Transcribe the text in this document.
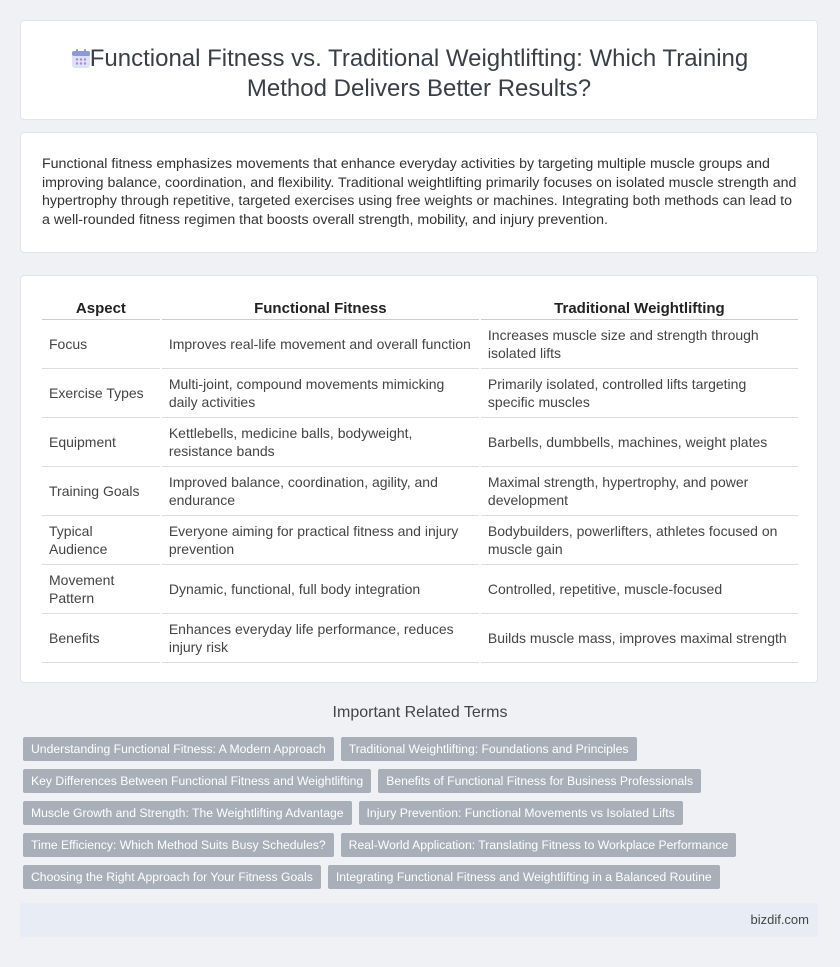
Functional Fitness vs. Traditional Weightlifting: Which Training
Method Delivers Better Results?
Functional fitness emphasizes movements that enhance everyday activities by targeting multiple muscle groups and improving balance, coordination, and flexibility. Traditional weightlifting primarily focuses on isolated muscle strength and hypertrophy through repetitive, targeted exercises using free weights or machines. Integrating both methods can lead to a well-rounded fitness regimen that boosts overall strength, mobility, and injury prevention.
Aspect	Functional Fitness	Traditional Weightlifting
Focus	Improves real-life movement and overall function	Increases muscle size and strength through isolated lifts
Exercise Types	Multi-joint, compound movements mimicking daily activities	Primarily isolated, controlled lifts targeting specific muscles
Equipment	Kettlebells, medicine balls, bodyweight, resistance bands	Barbells, dumbbells, machines, weight plates
Training Goals	Improved balance, coordination, agility, and endurance	Maximal strength, hypertrophy, and power development
Typical Audience	Everyone aiming for practical fitness and injury prevention	Bodybuilders, powerlifters, athletes focused on muscle gain
Movement Pattern	Dynamic, functional, full body integration	Controlled, repetitive, muscle-focused
Benefits	Enhances everyday life performance, reduces injury risk	Builds muscle mass, improves maximal strength
Important Related Terms
Understanding Functional Fitness: A Modern Approach Traditional Weightlifting: Foundations and Principles
Key Differences Between Functional Fitness and Weightlifting Benefits of Functional Fitness for Business Professionals
Muscle Growth and Strength: The Weightlifting Advantage Injury Prevention: Functional Movements vs Isolated Lifts
Time Efficiency: Which Method Suits Busy Schedules? Real-World Application: Translating Fitness to Workplace Performance
Choosing the Right Approach for Your Fitness Goals Integrating Functional Fitness and Weightlifting in a Balanced Routine
bizdif.com
